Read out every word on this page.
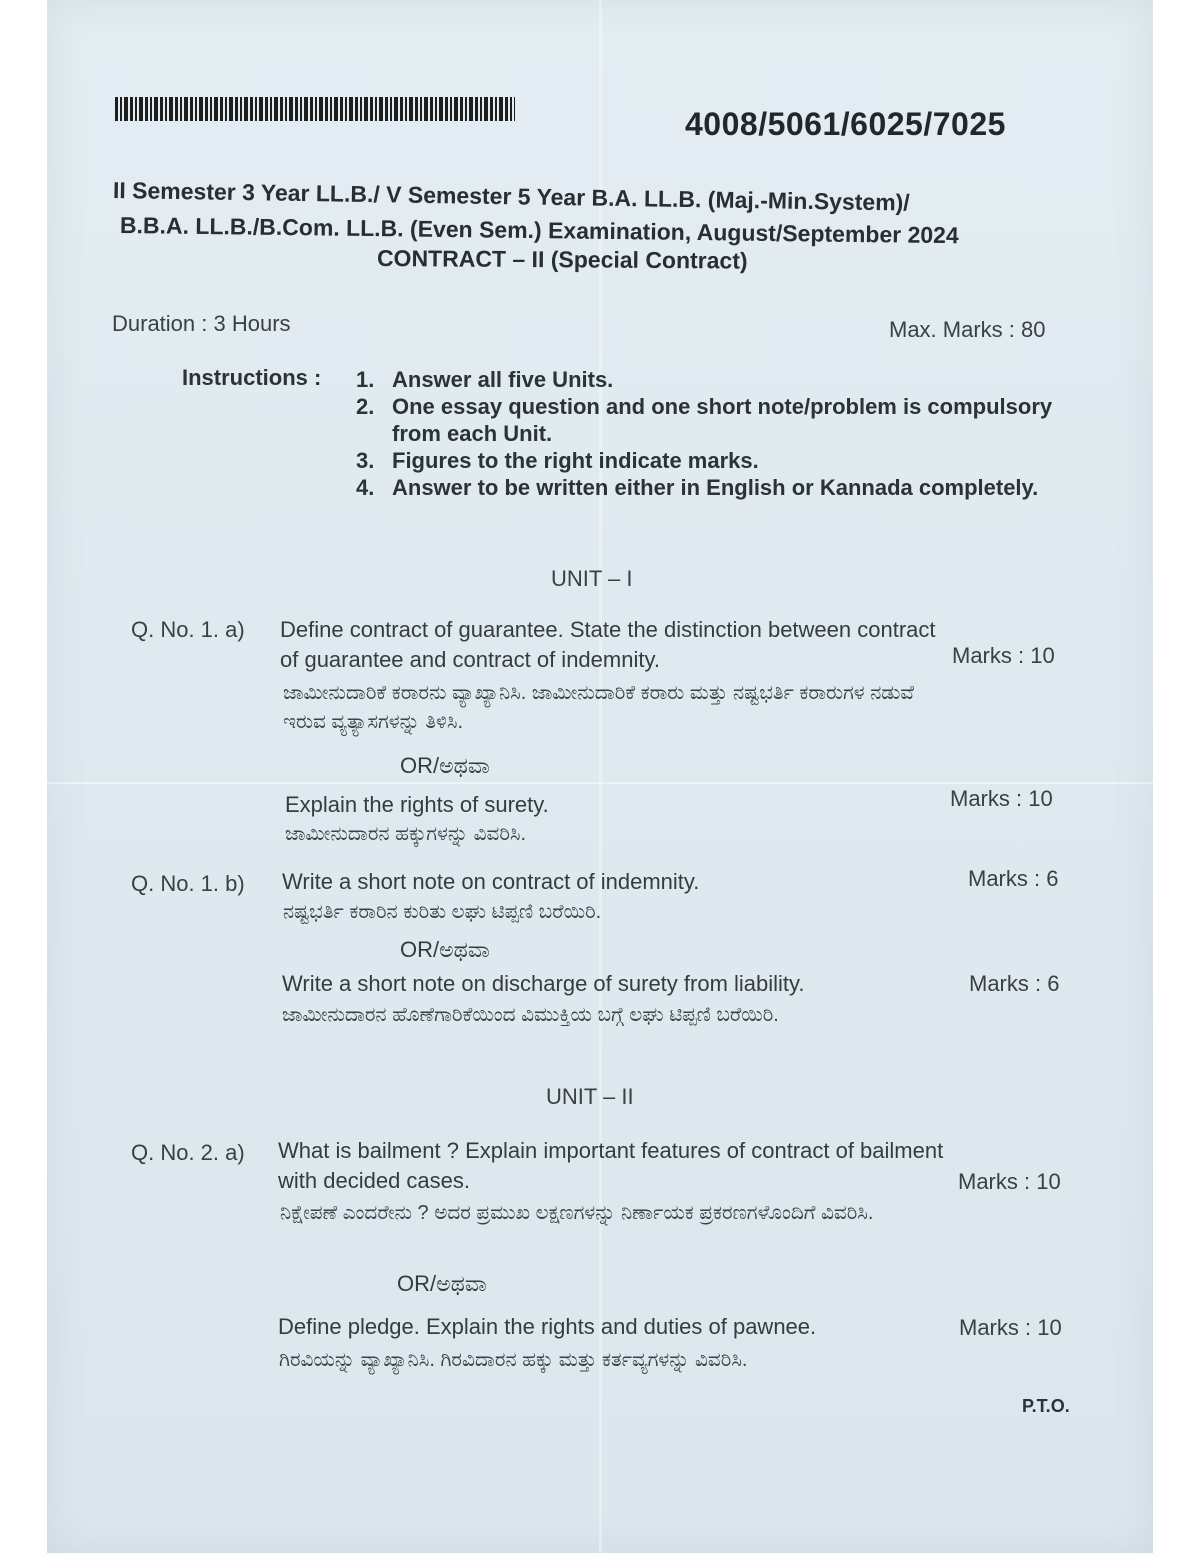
4008/5061/6025/7025
II Semester 3 Year LL.B./ V Semester 5 Year B.A. LL.B. (Maj.-Min.System)/
B.B.A. LL.B./B.Com. LL.B. (Even Sem.) Examination, August/September 2024
CONTRACT – II (Special Contract)
Duration : 3 Hours	Max. Marks : 80
Instructions : 1. Answer all five Units.
2. One essay question and one short note/problem is compulsory from each Unit.
3. Figures to the right indicate marks.
4. Answer to be written either in English or Kannada completely.
UNIT – I
Q. No. 1. a) Define contract of guarantee. State the distinction between contract of guarantee and contract of indemnity.	Marks : 10
ಜಾಮೀನುದಾರಿಕೆ ಕರಾರನು ವ್ಯಾಖ್ಯಾನಿಸಿ. ಜಾಮೀನುದಾರಿಕೆ ಕರಾರು ಮತ್ತು ನಷ್ಟಭರ್ತಿ ಕರಾರುಗಳ ನಡುವೆ ಇರುವ ವ್ಯತ್ಯಾಸಗಳನ್ನು ತಿಳಿಸಿ.
OR/ಅಥವಾ
Explain the rights of surety.	Marks : 10
ಜಾಮೀನುದಾರನ ಹಕ್ಕುಗಳನ್ನು ವಿವರಿಸಿ.
Q. No. 1. b) Write a short note on contract of indemnity.	Marks : 6
ನಷ್ಟಭರ್ತಿ ಕರಾರಿನ ಕುರಿತು ಲಘು ಟಿಪ್ಪಣಿ ಬರೆಯಿರಿ.
OR/ಅಥವಾ
Write a short note on discharge of surety from liability.	Marks : 6
ಜಾಮೀನುದಾರನ ಹೊಣೆಗಾರಿಕೆಯಿಂದ ವಿಮುಕ್ತಿಯ ಬಗ್ಗೆ ಲಘು ಟಿಪ್ಪಣಿ ಬರೆಯಿರಿ.
UNIT – II
Q. No. 2. a) What is bailment ? Explain important features of contract of bailment with decided cases.	Marks : 10
ನಿಕ್ಷೇಪಣೆ ಎಂದರೇನು ? ಅದರ ಪ್ರಮುಖ ಲಕ್ಷಣಗಳನ್ನು ನಿರ್ಣಾಯಕ ಪ್ರಕರಣಗಳೊಂದಿಗೆ ವಿವರಿಸಿ.
OR/ಅಥವಾ
Define pledge. Explain the rights and duties of pawnee.	Marks : 10
ಗಿರವಿಯನ್ನು ವ್ಯಾಖ್ಯಾನಿಸಿ. ಗಿರವಿದಾರನ ಹಕ್ಕು ಮತ್ತು ಕರ್ತವ್ಯಗಳನ್ನು ವಿವರಿಸಿ.
P.T.O.
